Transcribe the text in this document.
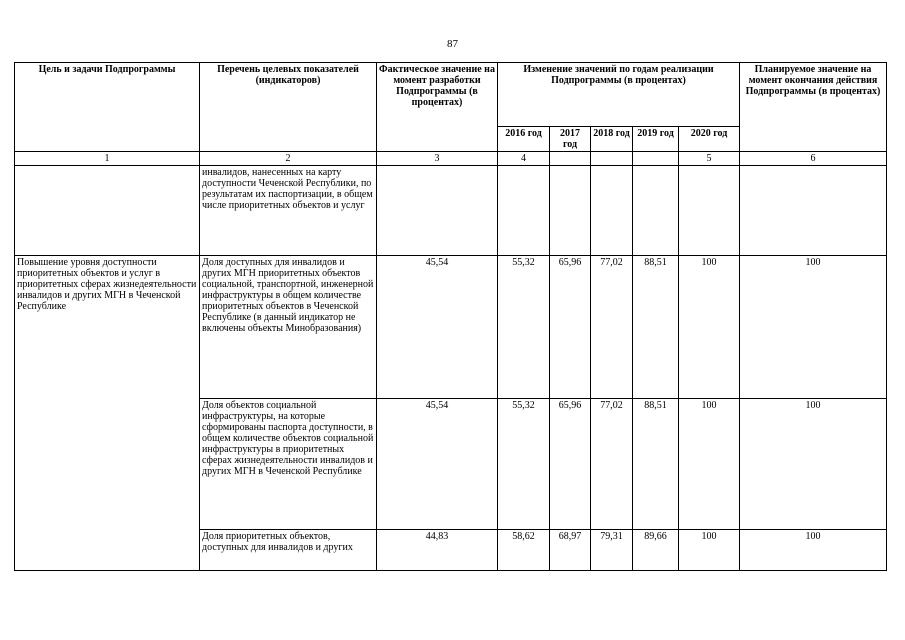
87
Цель и задачи Подпрограммы	Перечень целевых показателей (индикаторов)	Фактическое значение на момент разработки Подпрограммы (в процентах)	Изменение значений по годам реализации Подпрограммы (в процентах)					Планируемое значение на момент окончания действия Подпрограммы (в процентах)
			2016 год	2017 год	2018 год	2019 год	2020 год	
1	2	3	4				5	6
	инвалидов, нанесенных на карту доступности Чеченской Республики, по результатам их паспортизации, в общем числе приоритетных объектов и услуг							
Повышение уровня доступности приоритетных объектов и услуг в приоритетных сферах жизнедеятельности инвалидов и других МГН в Чеченской Республике	Доля доступных для инвалидов и других МГН приоритетных объектов социальной, транспортной, инженерной инфраструктуры в общем количестве приоритетных объектов в Чеченской Республике (в данный индикатор не включены объекты Минобразования)	45,54	55,32	65,96	77,02	88,51	100	100
	Доля объектов социальной инфраструктуры, на которые сформированы паспорта доступности, в общем количестве объектов социальной инфраструктуры в приоритетных сферах жизнедеятельности инвалидов и других МГН в Чеченской Республике	45,54	55,32	65,96	77,02	88,51	100	100
	Доля приоритетных объектов, доступных для инвалидов и других	44,83	58,62	68,97	79,31	89,66	100	100
